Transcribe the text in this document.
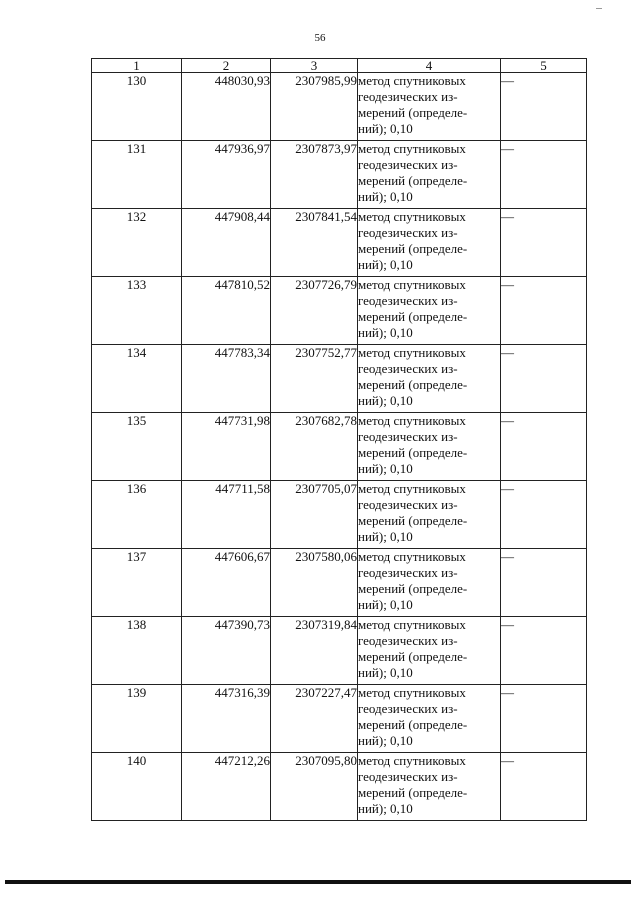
56
1	2	3	4	5
130	448030,93	2307985,99	метод спутниковых
геодезических из-
мерений (определе-
ний); 0,10	—

131	447936,97	2307873,97	метод спутниковых
геодезических из-
мерений (определе-
ний); 0,10	—

132	447908,44	2307841,54	метод спутниковых
геодезических из-
мерений (определе-
ний); 0,10	—

133	447810,52	2307726,79	метод спутниковых
геодезических из-
мерений (определе-
ний); 0,10	—

134	447783,34	2307752,77	метод спутниковых
геодезических из-
мерений (определе-
ний); 0,10	—

135	447731,98	2307682,78	метод спутниковых
геодезических из-
мерений (определе-
ний); 0,10	—

136	447711,58	2307705,07	метод спутниковых
геодезических из-
мерений (определе-
ний); 0,10	—

137	447606,67	2307580,06	метод спутниковых
геодезических из-
мерений (определе-
ний); 0,10	—

138	447390,73	2307319,84	метод спутниковых
геодезических из-
мерений (определе-
ний); 0,10	—

139	447316,39	2307227,47	метод спутниковых
геодезических из-
мерений (определе-
ний); 0,10	—

140	447212,26	2307095,80	метод спутниковых
геодезических из-
мерений (определе-
ний); 0,10	—
